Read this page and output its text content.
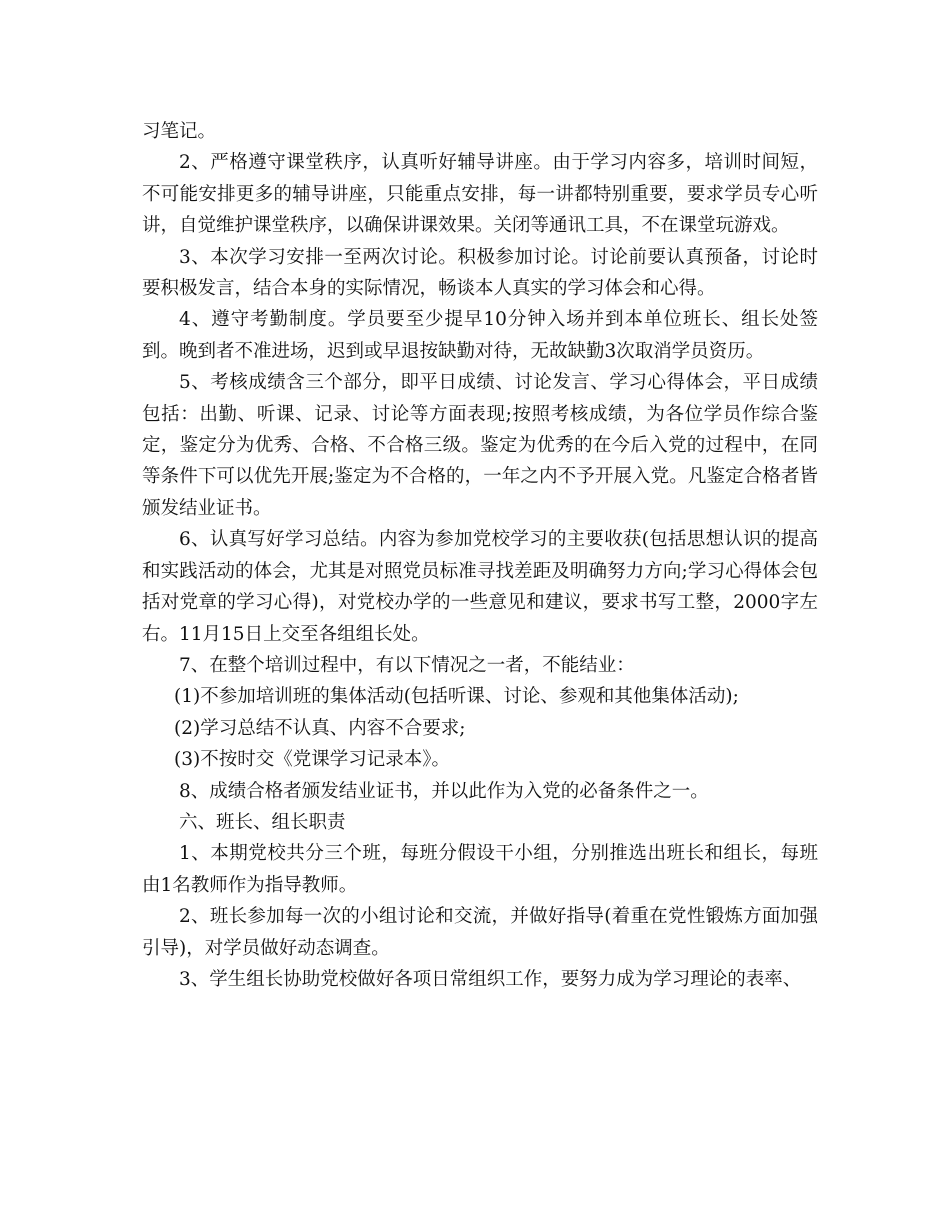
习笔记。

2、严格遵守课堂秩序，认真听好辅导讲座。由于学习内容多，培训时间短，不可能安排更多的辅导讲座，只能重点安排，每一讲都特别重要，要求学员专心听讲，自觉维护课堂秩序，以确保讲课效果。关闭等通讯工具，不在课堂玩游戏。

3、本次学习安排一至两次讨论。积极参加讨论。讨论前要认真预备，讨论时要积极发言，结合本身的实际情况，畅谈本人真实的学习体会和心得。

4、遵守考勤制度。学员要至少提早10分钟入场并到本单位班长、组长处签到。晚到者不准进场，迟到或早退按缺勤对待，无故缺勤3次取消学员资历。

5、考核成绩含三个部分，即平日成绩、讨论发言、学习心得体会，平日成绩包括：出勤、听课、记录、讨论等方面表现;按照考核成绩，为各位学员作综合鉴定，鉴定分为优秀、合格、不合格三级。鉴定为优秀的在今后入党的过程中，在同等条件下可以优先开展;鉴定为不合格的，一年之内不予开展入党。凡鉴定合格者皆颁发结业证书。

6、认真写好学习总结。内容为参加党校学习的主要收获(包括思想认识的提高和实践活动的体会，尤其是对照党员标准寻找差距及明确努力方向;学习心得体会包括对党章的学习心得)，对党校办学的一些意见和建议，要求书写工整，2000字左右。11月15日上交至各组组长处。

7、在整个培训过程中，有以下情况之一者，不能结业：

(1)不参加培训班的集体活动(包括听课、讨论、参观和其他集体活动);

(2)学习总结不认真、内容不合要求;

(3)不按时交《党课学习记录本》。

8、成绩合格者颁发结业证书，并以此作为入党的必备条件之一。

六、班长、组长职责

1、本期党校共分三个班，每班分假设干小组，分别推选出班长和组长，每班由1名教师作为指导教师。

2、班长参加每一次的小组讨论和交流，并做好指导(着重在党性锻炼方面加强引导)，对学员做好动态调查。

3、学生组长协助党校做好各项日常组织工作，要努力成为学习理论的表率、
